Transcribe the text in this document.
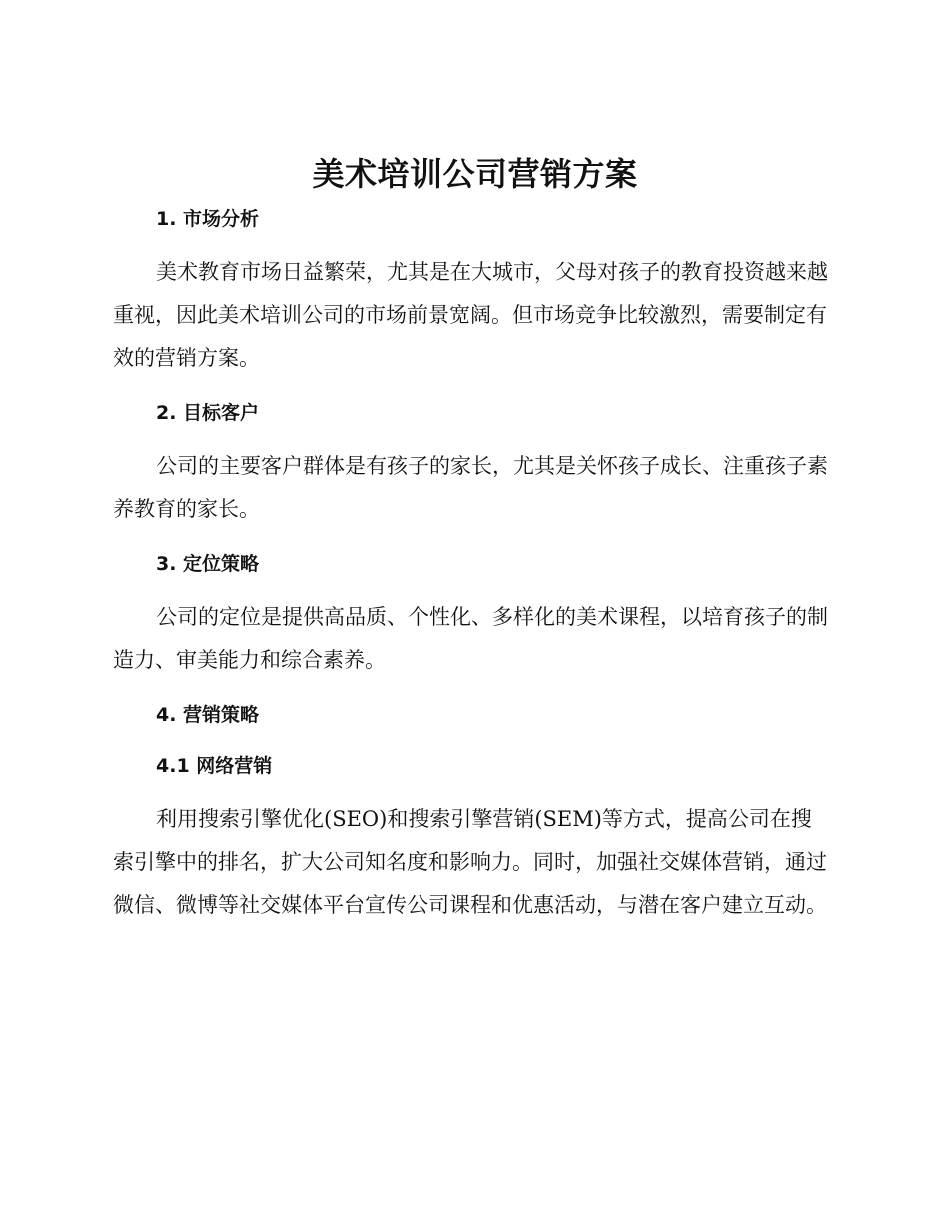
美术培训公司营销方案
1. 市场分析

美术教育市场日益繁荣，尤其是在大城市，父母对孩子的教育投资越来越重视，因此美术培训公司的市场前景宽阔。但市场竞争比较激烈，需要制定有效的营销方案。

2. 目标客户

公司的主要客户群体是有孩子的家长，尤其是关怀孩子成长、注重孩子素养教育的家长。

3. 定位策略

公司的定位是提供高品质、个性化、多样化的美术课程，以培育孩子的制造力、审美能力和综合素养。

4. 营销策略
4.1 网络营销

利用搜索引擎优化(SEO)和搜索引擎营销(SEM)等方式，提高公司在搜索引擎中的排名，扩大公司知名度和影响力。同时，加强社交媒体营销，通过微信、微博等社交媒体平台宣传公司课程和优惠活动，与潜在客户建立互动。
